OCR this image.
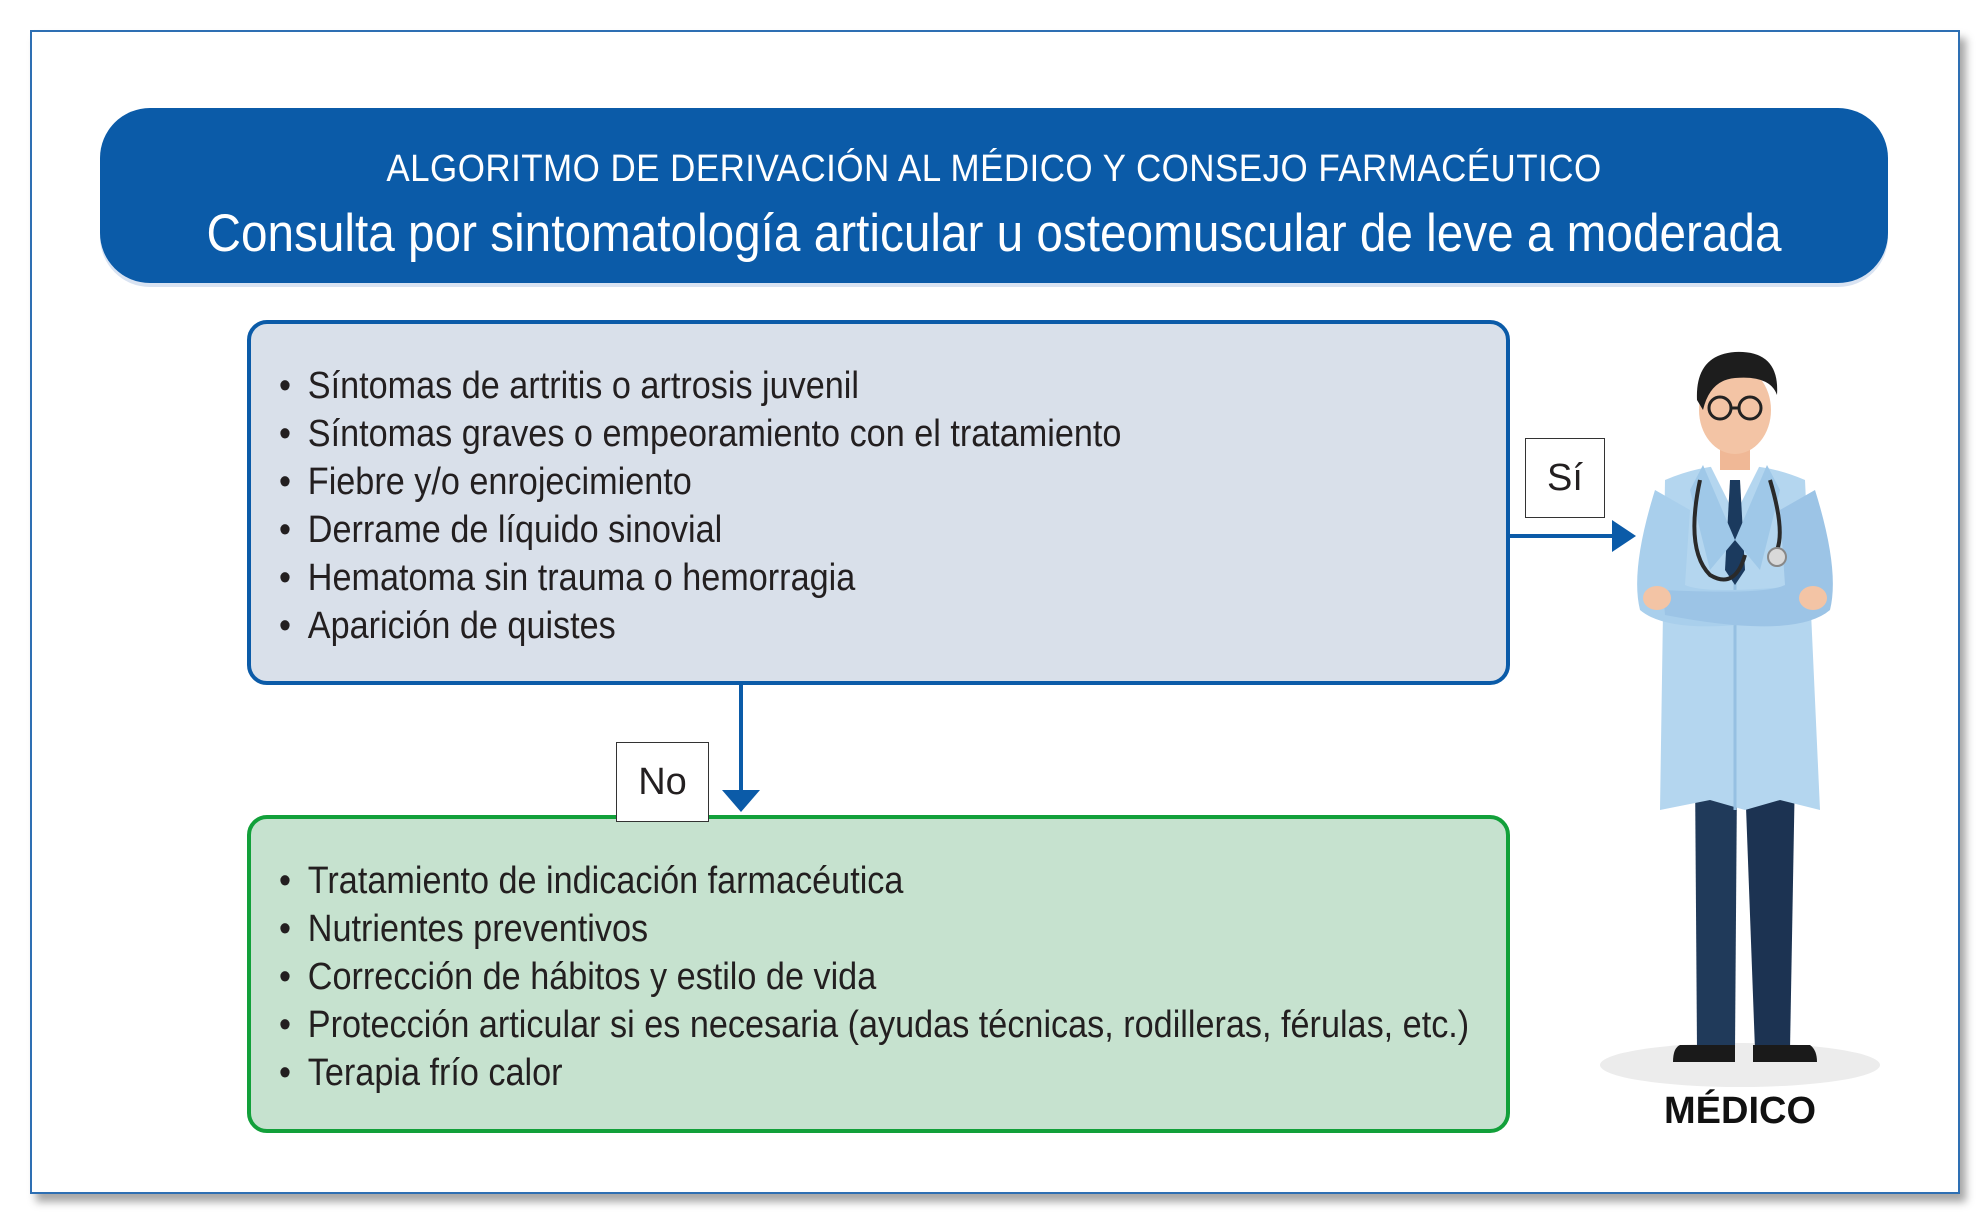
ALGORITMO DE DERIVACIÓN AL MÉDICO Y CONSEJO FARMACÉUTICO
Consulta por sintomatología articular u osteomuscular de leve a moderada
• Síntomas de artritis o artrosis juvenil
• Síntomas graves o empeoramiento con el tratamiento
• Fiebre y/o enrojecimiento
• Derrame de líquido sinovial
• Hematoma sin trauma o hemorragia
• Aparición de quistes
• Tratamiento de indicación farmacéutica
• Nutrientes preventivos
• Corrección de hábitos y estilo de vida
• Protección articular si es necesaria (ayudas técnicas, rodilleras, férulas, etc.)
• Terapia frío calor
Sí
No
MÉDICO
